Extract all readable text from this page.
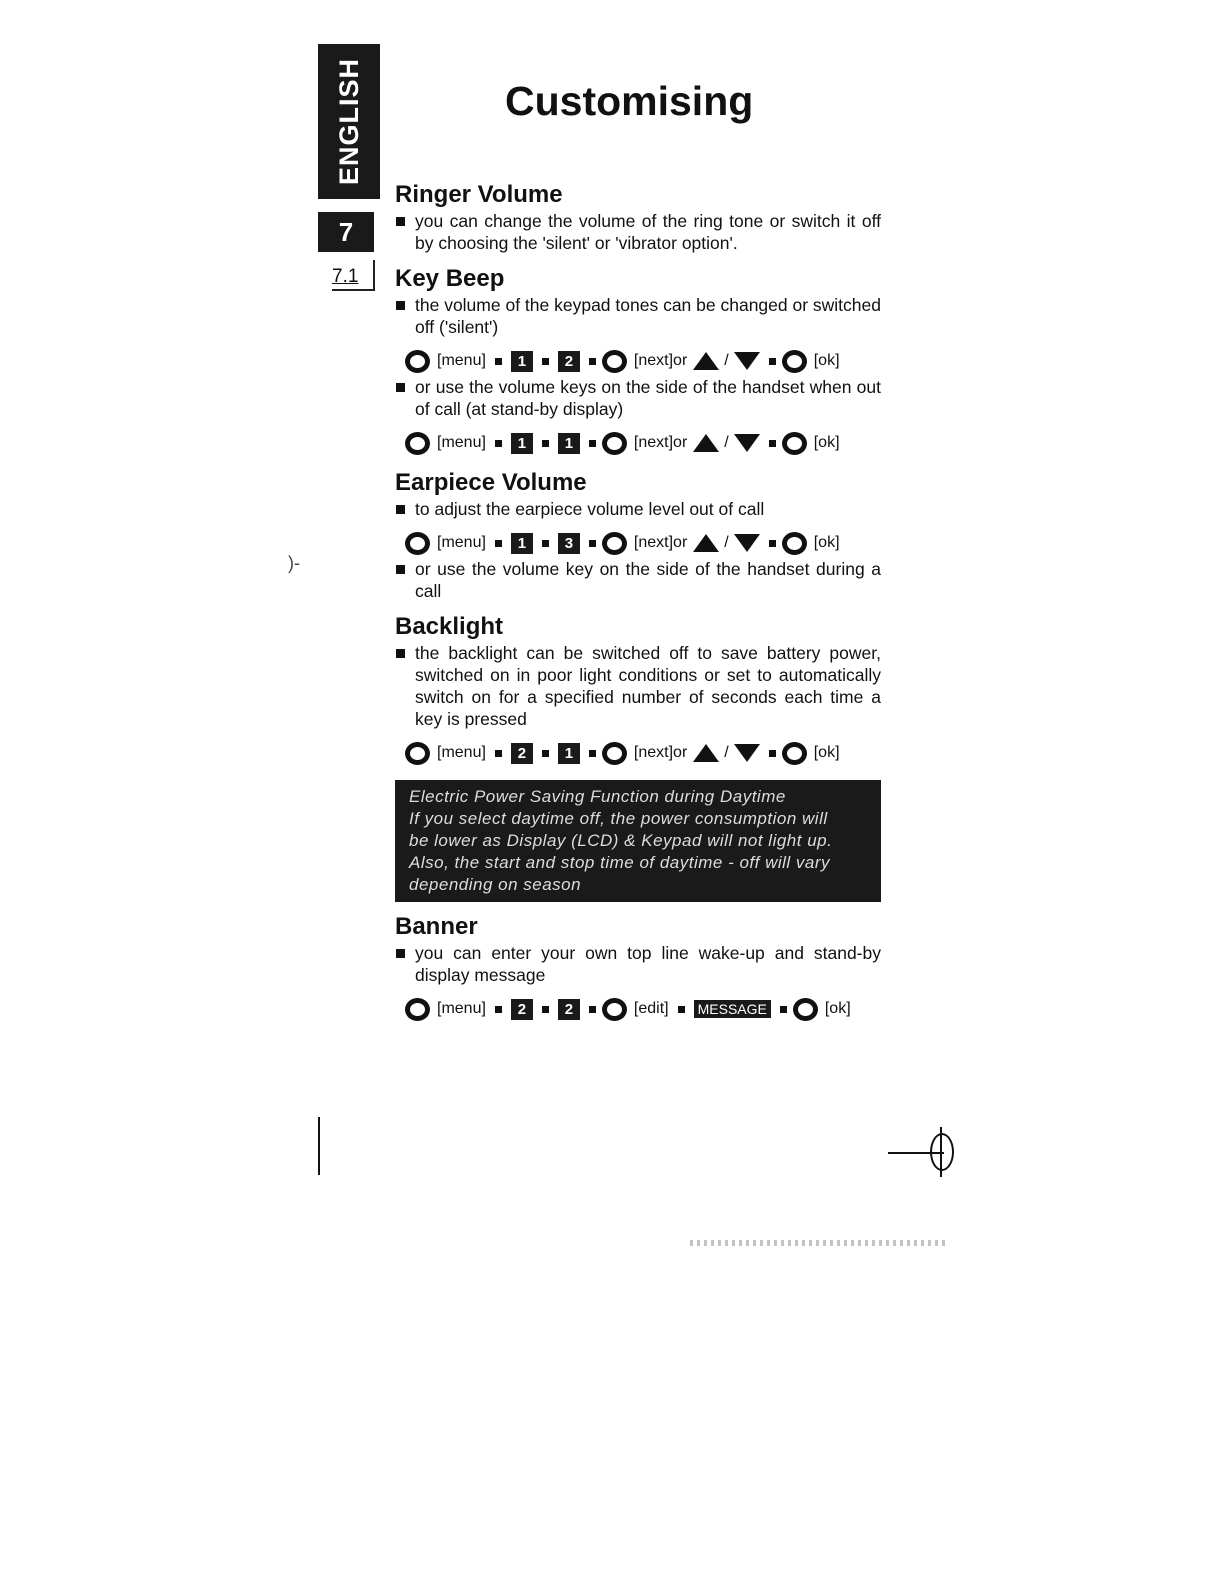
ENGLISH
7
7.1
Customising
Ringer Volume

you can change the volume of the ring tone or switch it off by choosing the 'silent' or 'vibrator option'.

Key Beep

the volume of the keypad tones can be changed or switched off ('silent')

[menu]	1	2	[next]or /	[ok]

or use the volume keys on the side of the handset when out of call (at stand-by display)

[menu]	1	1	[next]or /	[ok]
Earpiece Volume

to adjust the earpiece volume level out of call

[menu]	1	3	[next]or /	[ok]

or use the volume key on the side of the handset during a call

Backlight

the backlight can be switched off to save battery power, switched on in poor light conditions or set to automatically switch on for a specified number of seconds each time a key is pressed

[menu]	2	1	[next]or /	[ok]

Electric Power Saving Function during Daytime

If you select daytime off, the power consumption will

be lower as Display (LCD) & Keypad will not light up.

Also, the start and stop time of daytime - off will vary

depending on season

Banner

you can enter your own top line wake-up and stand-by display message

[menu]	2	2	[edit] MESSAGE	[ok]
)-
